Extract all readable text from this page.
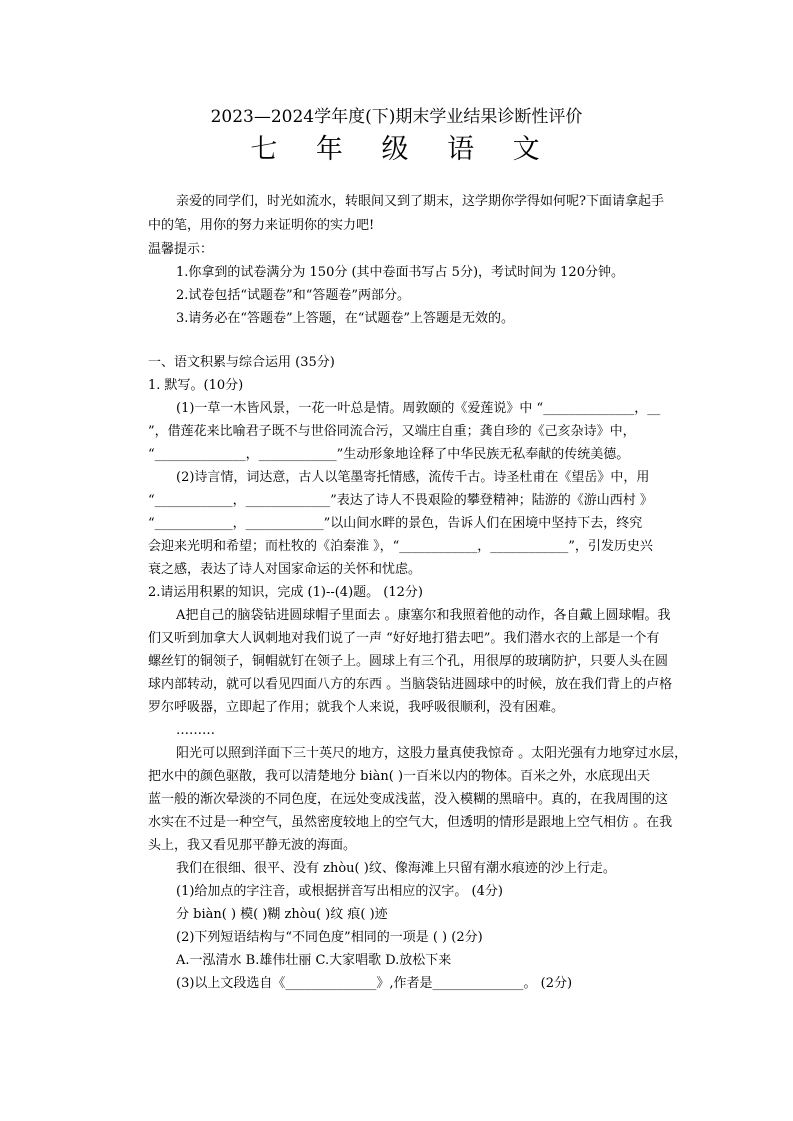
2023—2024学年度(下)期末学业结果诊断性评价
七 年 级 语 文
亲爱的同学们，时光如流水，转眼间又到了期末，这学期你学得如何呢?下面请拿起手
中的笔，用你的努力来证明你的实力吧!
温馨提示：
1.你拿到的试卷满分为 150分 (其中卷面书写占 5分)，考试时间为 120分钟。
2.试卷包括“试题卷”和“答题卷”两部分。
3.请务必在“答题卷”上答题，在“试题卷”上答题是无效的。
一、语文积累与综合运用 (35分)
1. 默写。(10分)
(1)一草一木皆风景，一花一叶总是情。周敦颐的《爱莲说》中 “______________，__
”，借莲花来比喻君子既不与世俗同流合污，又端庄自重；龚自珍的《己亥杂诗》中，
“______________，____________”生动形象地诠释了中华民族无私奉献的传统美德。
(2)诗言情，词达意，古人以笔墨寄托情感，流传千古。诗圣杜甫在《望岳》中，用
“____________，_____________”表达了诗人不畏艰险的攀登精神；陆游的《游山西村 》
“____________，____________”以山间水畔的景色，告诉人们在困境中坚持下去，终究
会迎来光明和希望；而杜牧的《泊秦淮 》，“____________，____________”，引发历史兴
衰之感，表达了诗人对国家命运的关怀和忧虑。
2.请运用积累的知识，完成 (1)--(4)题。 (12分)
A把自己的脑袋钻进圆球帽子里面去 。康塞尔和我照着他的动作，各自戴上圆球帽。我
们又听到加拿大人讽刺地对我们说了一声 “好好地打猎去吧”。我们潜水衣的上部是一个有
螺丝钉的铜领子，铜帽就钉在领子上。圆球上有三个孔，用很厚的玻璃防护，只要人头在圆
球内部转动，就可以看见四面八方的东西 。当脑袋钻进圆球中的时候，放在我们背上的卢格
罗尔呼吸器，立即起了作用；就我个人来说，我呼吸很顺利，没有困难。
………
阳光可以照到洋面下三十英尺的地方，这股力量真使我惊奇 。太阳光强有力地穿过水层，
把水中的颜色驱散，我可以清楚地分 biàn( )一百米以内的物体。百米之外，水底现出天
蓝一般的渐次晕淡的不同色度，在远处变成浅蓝，没入模糊的黑暗中。真的，在我周围的这
水实在不过是一种空气，虽然密度较地上的空气大，但透明的情形是跟地上空气相仿 。在我
头上，我又看见那平静无波的海面。
我们在很细、很平、没有 zhòu( )纹、像海滩上只留有潮水痕迹的沙上行走。
(1)给加点的字注音，或根据拼音写出相应的汉字。 (4分)
分 biàn( ) 模( )糊 zhòu( )纹 痕( )迹
(2)下列短语结构与“不同色度”相同的一项是 ( ) (2分)
A.一泓清水 B.雄伟壮丽 C.大家唱歌 D.放松下来
(3)以上文段选自《______________》,作者是______________。 (2分)
